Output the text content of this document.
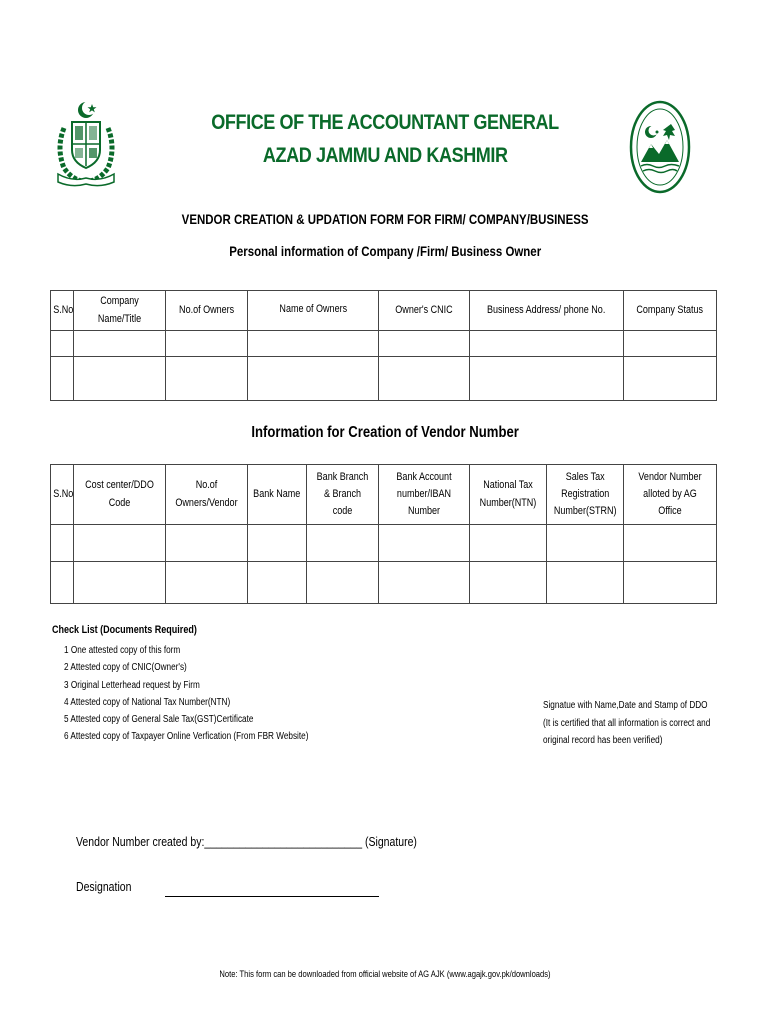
OFFICE OF THE ACCOUNTANT GENERAL
AZAD JAMMU AND KASHMIR
VENDOR CREATION & UPDATION FORM FOR FIRM/ COMPANY/BUSINESS
Personal information of Company /Firm/ Business Owner
S.No	Company Name/Title	No.of Owners	Name of Owners	Owner's CNIC	Business Address/ phone No.	Company Status

Information for Creation of Vendor Number
S.No	Cost center/DDO Code	No.of Owners/Vendor	Bank Name	Bank Branch & Branch code	Bank Account number/IBAN Number	National Tax Number(NTN)	Sales Tax Registration Number(STRN)	Vendor Number alloted by AG Office

Check List (Documents Required)
1 One attested copy of this form
2 Attested copy of CNIC(Owner's)
3 Original Letterhead request by Firm
4 Attested copy of National Tax Number(NTN)
5 Attested copy of General Sale Tax(GST)Certificate
6 Attested copy of Taxpayer Online Verfication (From FBR Website)
Signatue with Name,Date and Stamp of DDO
(It is certified that all information is correct and
original record has been verified)
Vendor Number created by:___________________________ (Signature)
Designation
Note: This form can be downloaded from official website of AG AJK (www.agajk.gov.pk/downloads)
